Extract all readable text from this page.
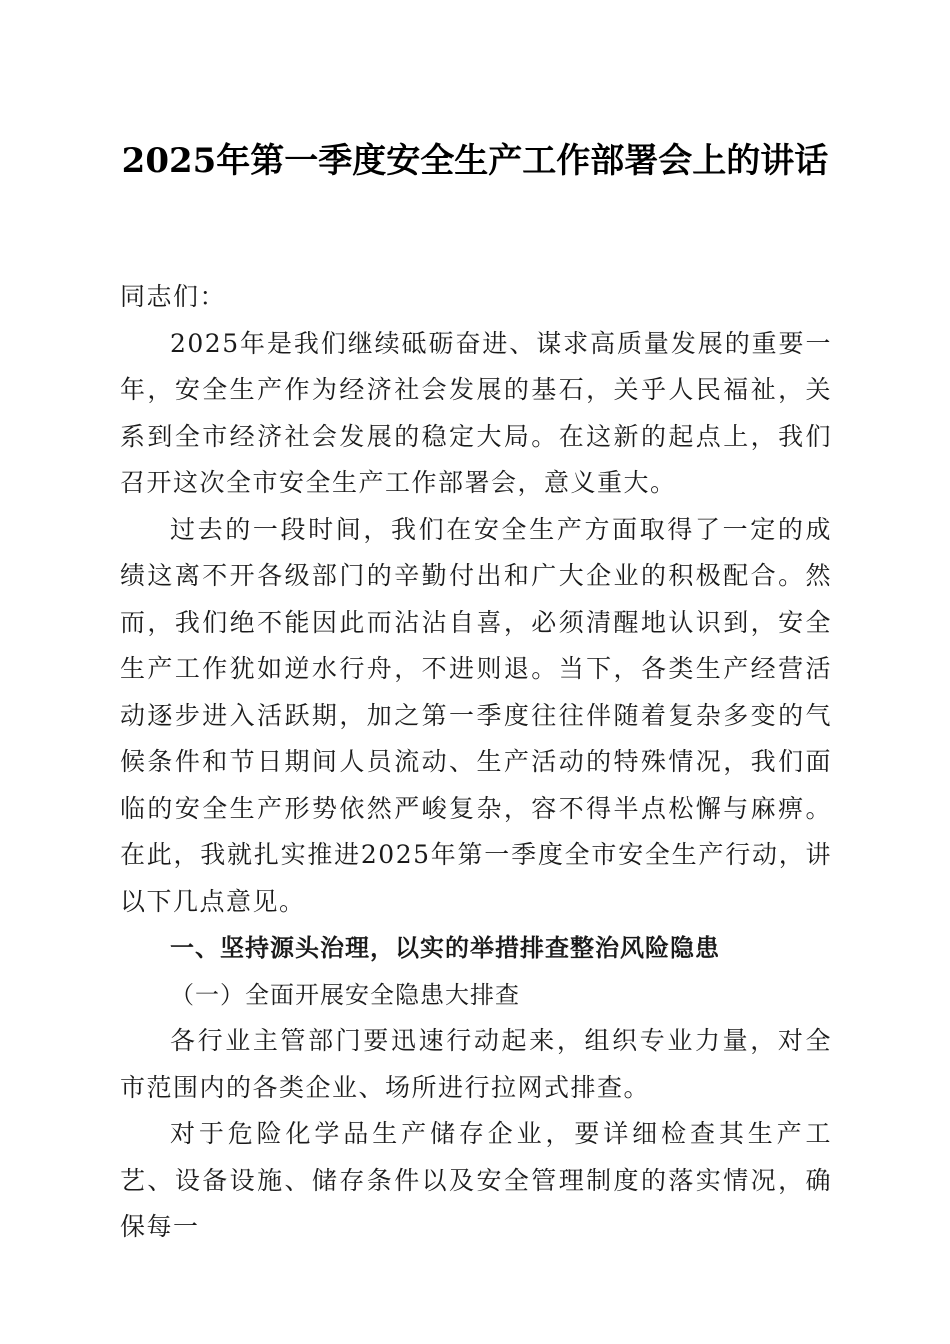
2025年第一季度安全生产工作部署会上的讲话

同志们：

2025年是我们继续砥砺奋进、谋求高质量发展的重要一年，安全生产作为经济社会发展的基石，关乎人民福祉，关系到全市经济社会发展的稳定大局。在这新的起点上，我们召开这次全市安全生产工作部署会，意义重大。

过去的一段时间，我们在安全生产方面取得了一定的成绩这离不开各级部门的辛勤付出和广大企业的积极配合。然而，我们绝不能因此而沾沾自喜，必须清醒地认识到，安全生产工作犹如逆水行舟，不进则退。当下，各类生产经营活动逐步进入活跃期，加之第一季度往往伴随着复杂多变的气候条件和节日期间人员流动、生产活动的特殊情况，我们面临的安全生产形势依然严峻复杂，容不得半点松懈与麻痹。在此，我就扎实推进2025年第一季度全市安全生产行动，讲以下几点意见。

一、坚持源头治理，以实的举措排查整治风险隐患

（一）全面开展安全隐患大排查

各行业主管部门要迅速行动起来，组织专业力量，对全市范围内的各类企业、场所进行拉网式排查。

对于危险化学品生产储存企业，要详细检查其生产工艺、设备设施、储存条件以及安全管理制度的落实情况，确保每一
